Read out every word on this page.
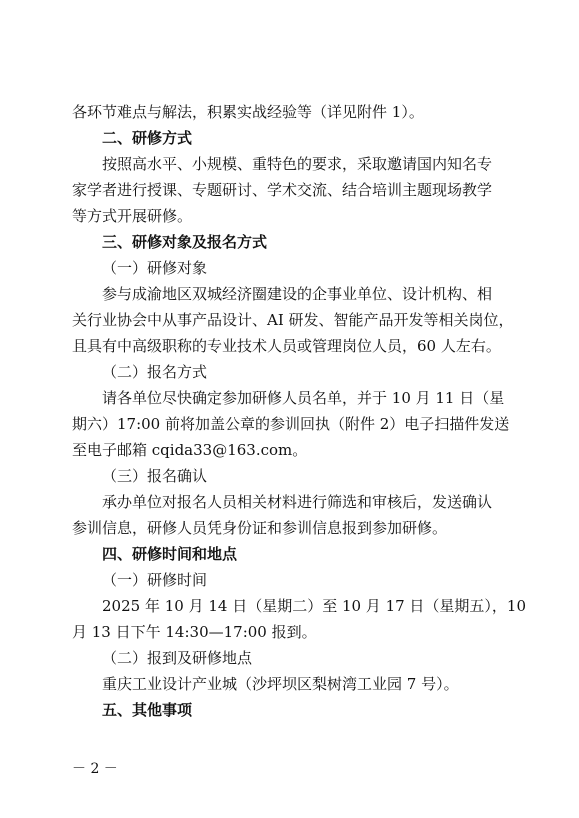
各环节难点与解法，积累实战经验等（详见附件 1）。
二、研修方式
按照高水平、小规模、重特色的要求，采取邀请国内知名专
家学者进行授课、专题研讨、学术交流、结合培训主题现场教学
等方式开展研修。
三、研修对象及报名方式
（一）研修对象
参与成渝地区双城经济圈建设的企事业单位、设计机构、相
关行业协会中从事产品设计、AI 研发、智能产品开发等相关岗位，
且具有中高级职称的专业技术人员或管理岗位人员，60 人左右。
（二）报名方式
请各单位尽快确定参加研修人员名单，并于 10 月 11 日（星
期六）17:00 前将加盖公章的参训回执（附件 2）电子扫描件发送
至电子邮箱 cqida33@163.com。
（三）报名确认
承办单位对报名人员相关材料进行筛选和审核后，发送确认
参训信息，研修人员凭身份证和参训信息报到参加研修。
四、研修时间和地点
（一）研修时间
2025 年 10 月 14 日（星期二）至 10 月 17 日（星期五），10
月 13 日下午 14:30—17:00 报到。
（二）报到及研修地点
重庆工业设计产业城（沙坪坝区梨树湾工业园 7 号）。
五、其他事项
－ 2 －
